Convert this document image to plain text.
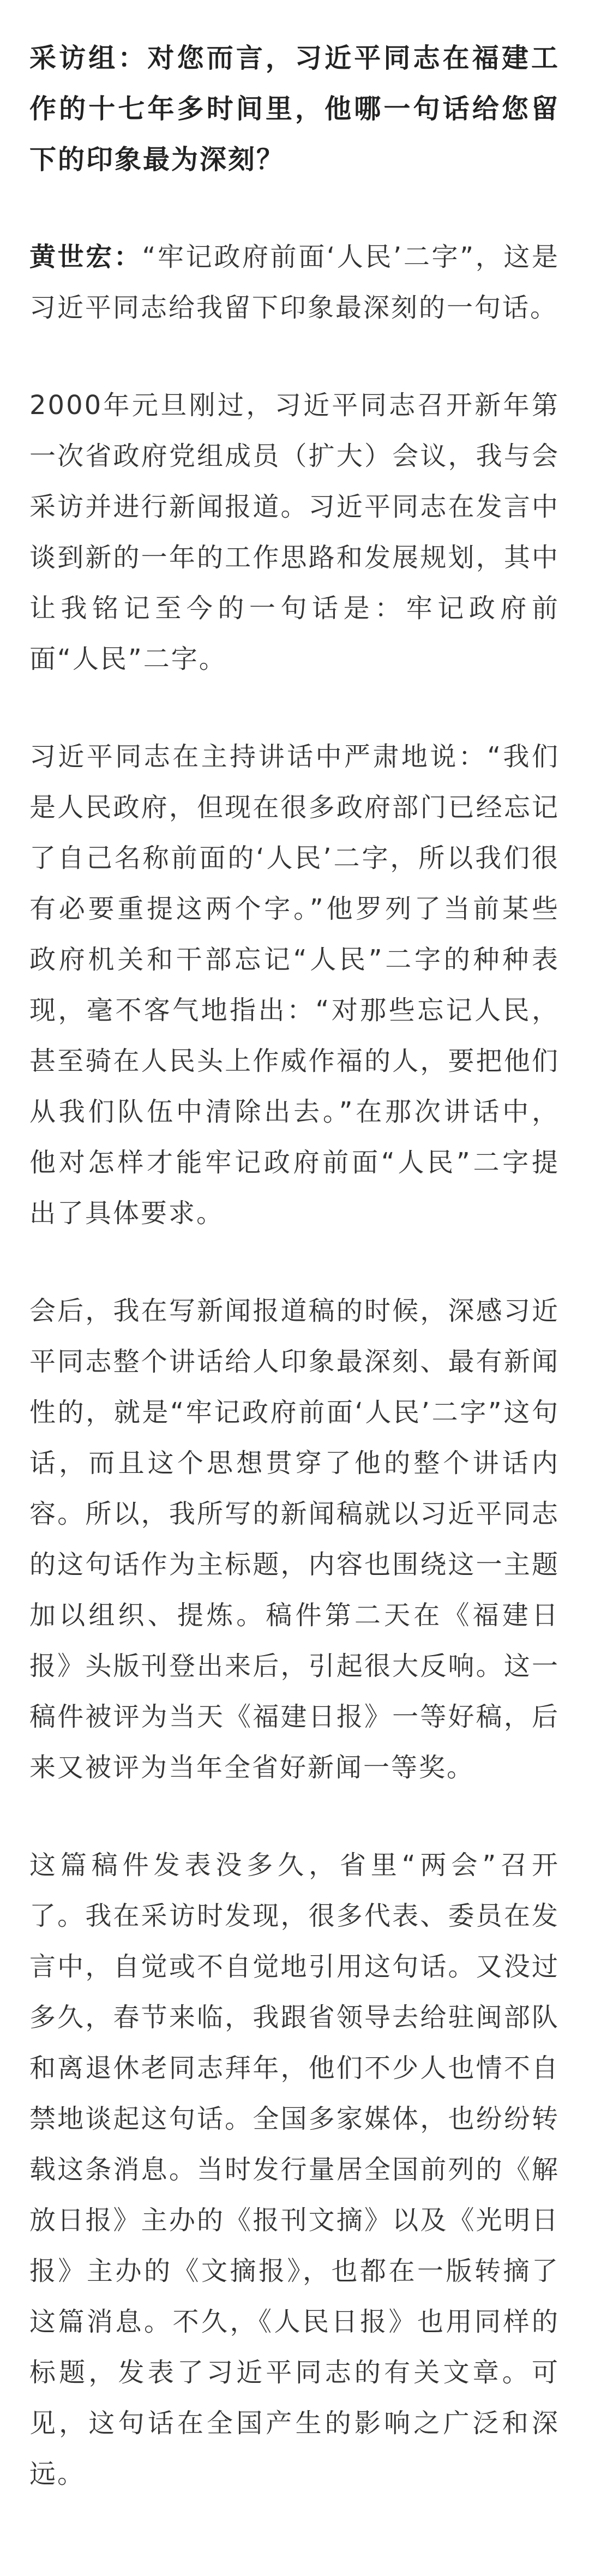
采访组：对您而言，习近平同志在福建工作的十七年多时间里，他哪一句话给您留下的印象最为深刻？

黄世宏：“牢记政府前面‘人民’二字”，这是习近平同志给我留下印象最深刻的一句话。

2000年元旦刚过，习近平同志召开新年第一次省政府党组成员（扩大）会议，我与会采访并进行新闻报道。习近平同志在发言中谈到新的一年的工作思路和发展规划，其中让我铭记至今的一句话是：牢记政府前面“人民”二字。

习近平同志在主持讲话中严肃地说：“我们是人民政府，但现在很多政府部门已经忘记了自己名称前面的‘人民’二字，所以我们很有必要重提这两个字。”他罗列了当前某些政府机关和干部忘记“人民”二字的种种表现，毫不客气地指出：“对那些忘记人民，甚至骑在人民头上作威作福的人，要把他们从我们队伍中清除出去。”在那次讲话中，他对怎样才能牢记政府前面“人民”二字提出了具体要求。

会后，我在写新闻报道稿的时候，深感习近平同志整个讲话给人印象最深刻、最有新闻性的，就是“牢记政府前面‘人民’二字”这句话，而且这个思想贯穿了他的整个讲话内容。所以，我所写的新闻稿就以习近平同志的这句话作为主标题，内容也围绕这一主题加以组织、提炼。稿件第二天在《福建日报》头版刊登出来后，引起很大反响。这一稿件被评为当天《福建日报》一等好稿，后来又被评为当年全省好新闻一等奖。

这篇稿件发表没多久，省里“两会”召开了。我在采访时发现，很多代表、委员在发言中，自觉或不自觉地引用这句话。又没过多久，春节来临，我跟省领导去给驻闽部队和离退休老同志拜年，他们不少人也情不自禁地谈起这句话。全国多家媒体，也纷纷转载这条消息。当时发行量居全国前列的《解放日报》主办的《报刊文摘》以及《光明日报》主办的《文摘报》，也都在一版转摘了这篇消息。不久，《人民日报》也用同样的标题，发表了习近平同志的有关文章。可见，这句话在全国产生的影响之广泛和深远。
